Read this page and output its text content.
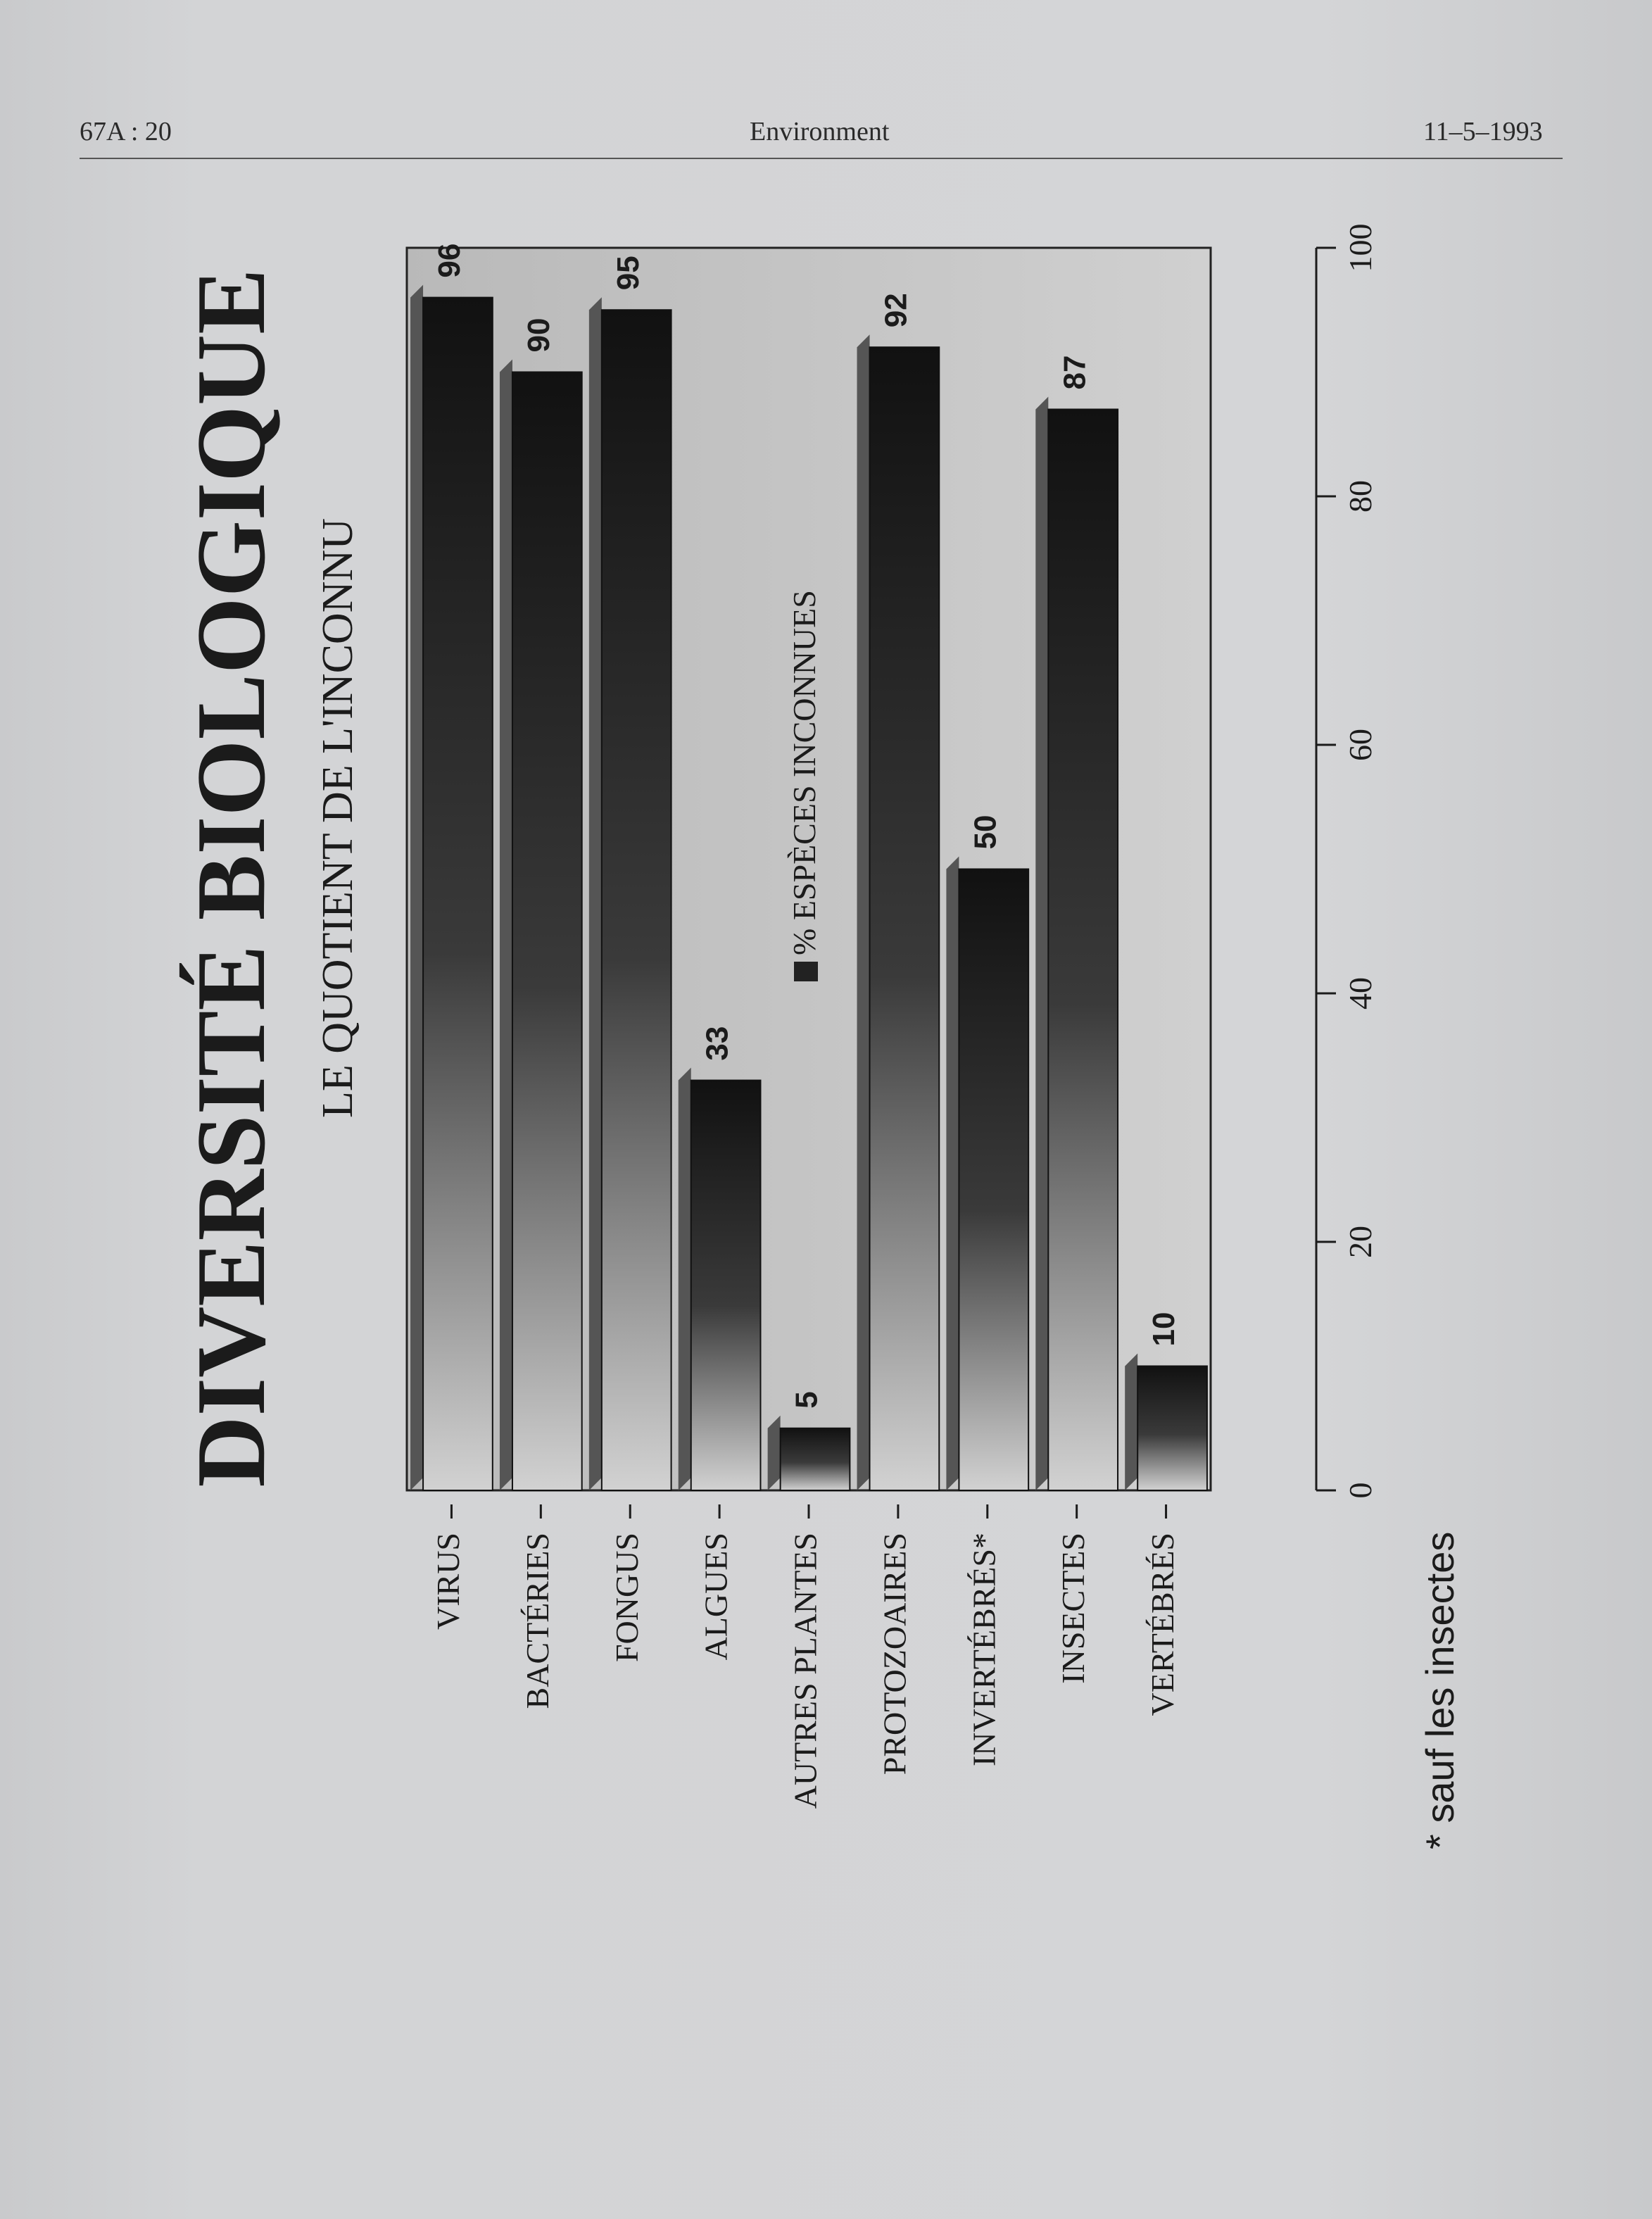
67A : 20	Environment	11–5–1993
DIVERSITÉ BIOLOGIQUE LE QUOTIENT DE L'INCONNU
96
VIRUS
90
BACTÉRIES
95
FONGUS
33
ALGUES
5
AUTRES PLANTES
92
PROTOZOAIRES
50
INVERTÉBRÉS*
87
INSECTES
10
VERTÉBRÉS
0
20
40
60
80
100
% ESPÈCES INCONNUES
* sauf les insectes
